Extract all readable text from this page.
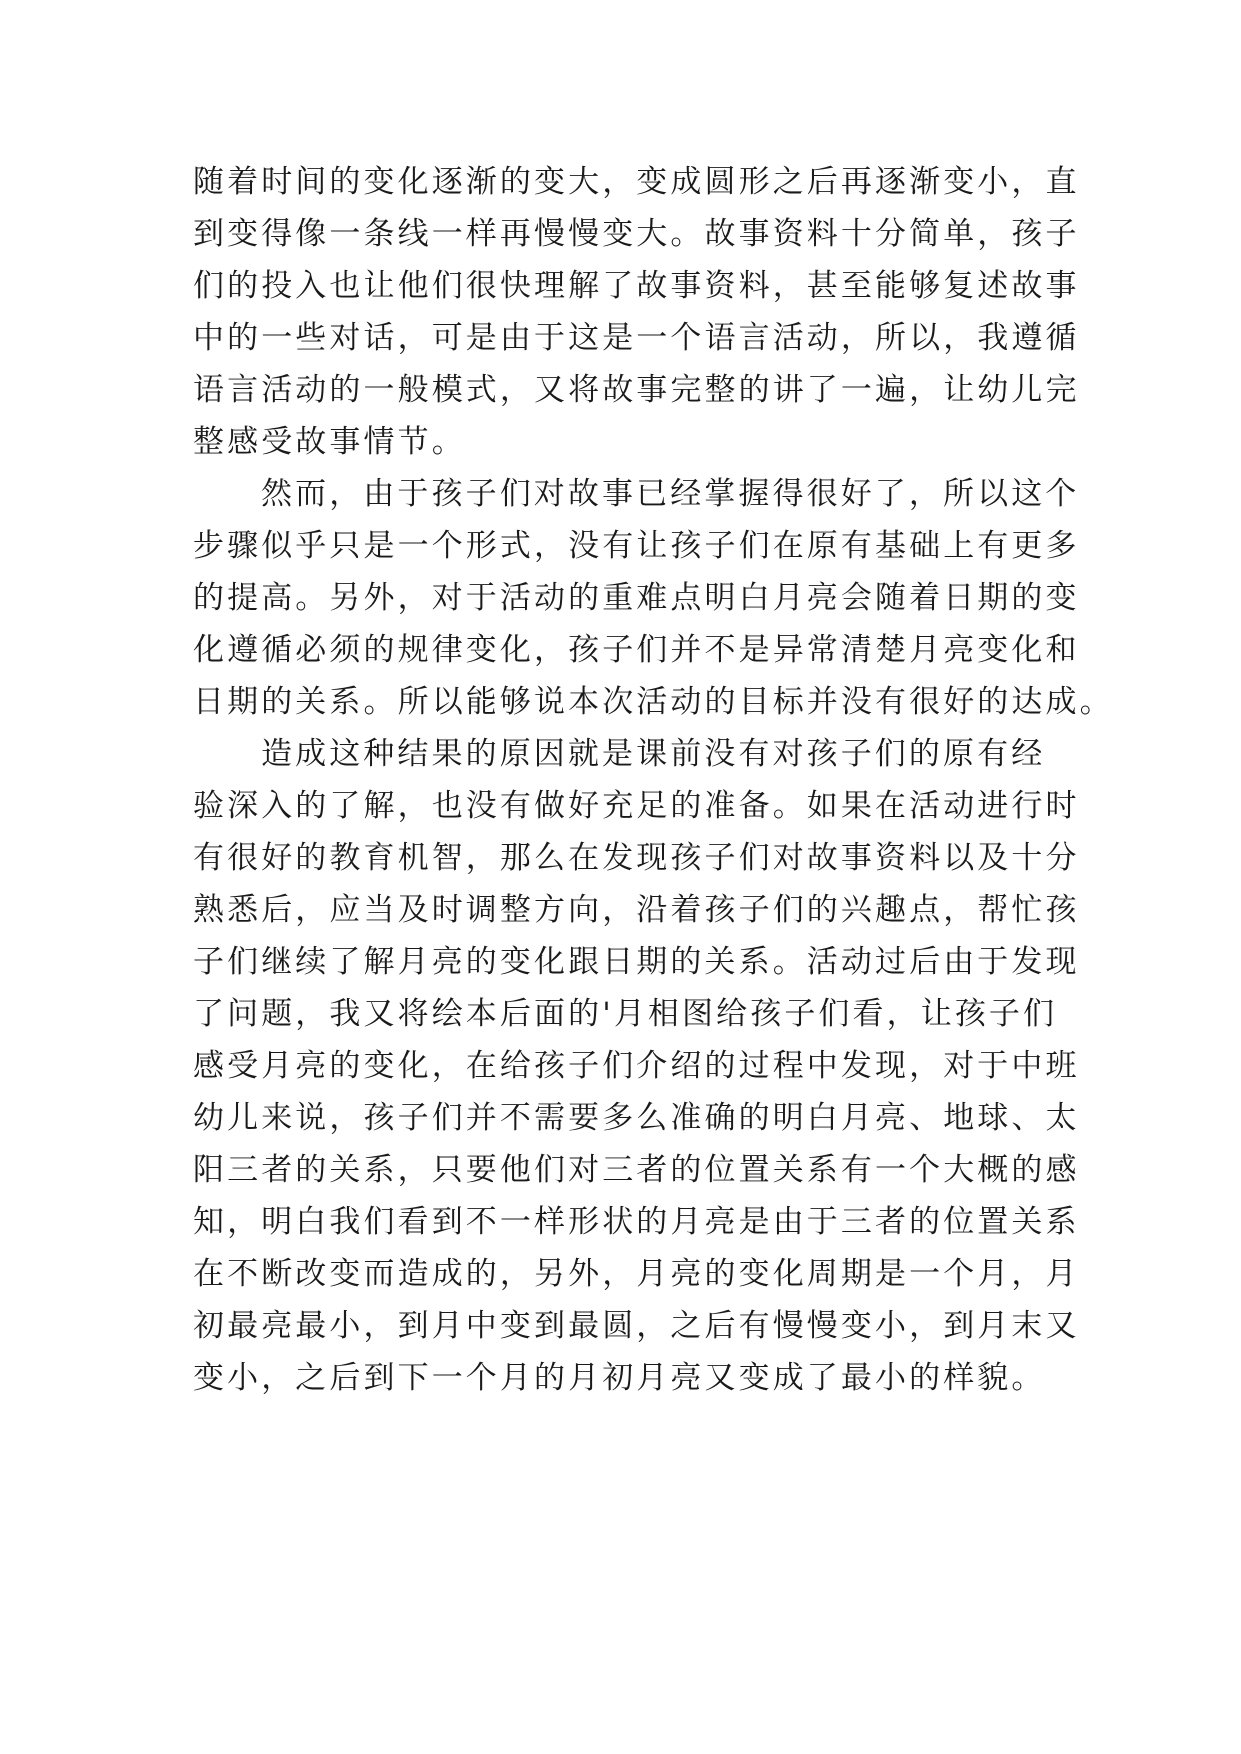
随着时间的变化逐渐的变大，变成圆形之后再逐渐变小，直
到变得像一条线一样再慢慢变大。故事资料十分简单，孩子
们的投入也让他们很快理解了故事资料，甚至能够复述故事
中的一些对话，可是由于这是一个语言活动，所以，我遵循
语言活动的一般模式，又将故事完整的讲了一遍，让幼儿完
整感受故事情节。
然而，由于孩子们对故事已经掌握得很好了，所以这个
步骤似乎只是一个形式，没有让孩子们在原有基础上有更多
的提高。另外，对于活动的重难点明白月亮会随着日期的变
化遵循必须的规律变化，孩子们并不是异常清楚月亮变化和
日期的关系。所以能够说本次活动的目标并没有很好的达成。
造成这种结果的原因就是课前没有对孩子们的原有经
验深入的了解，也没有做好充足的准备。如果在活动进行时
有很好的教育机智，那么在发现孩子们对故事资料以及十分
熟悉后，应当及时调整方向，沿着孩子们的兴趣点，帮忙孩
子们继续了解月亮的变化跟日期的关系。活动过后由于发现
了问题，我又将绘本后面的'月相图给孩子们看，让孩子们
感受月亮的变化，在给孩子们介绍的过程中发现，对于中班
幼儿来说，孩子们并不需要多么准确的明白月亮、地球、太
阳三者的关系，只要他们对三者的位置关系有一个大概的感
知，明白我们看到不一样形状的月亮是由于三者的位置关系
在不断改变而造成的，另外，月亮的变化周期是一个月，月
初最亮最小，到月中变到最圆，之后有慢慢变小，到月末又
变小，之后到下一个月的月初月亮又变成了最小的样貌。
